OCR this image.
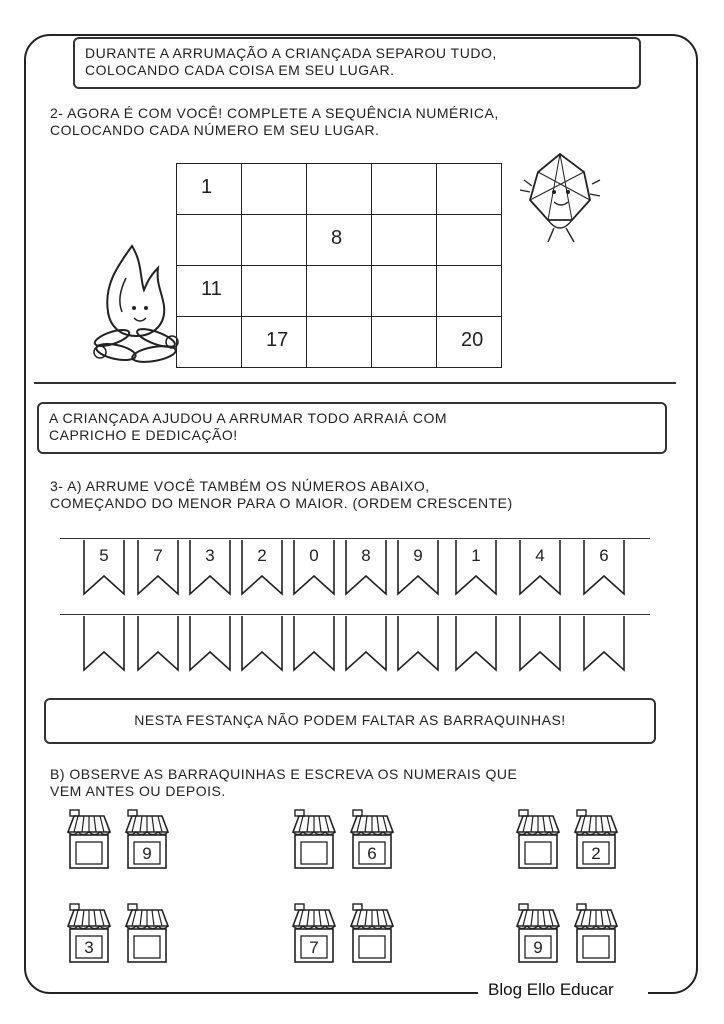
Blog Ello Educar
DURANTE A ARRUMAÇÃO A CRIANÇADA SEPAROU TUDO,
COLOCANDO CADA COISA EM SEU LUGAR.
2- AGORA É COM VOCÊ! COMPLETE A SEQUÊNCIA NUMÉRICA,
COLOCANDO CADA NÚMERO EM SEU LUGAR.
1				

		8		

11				

	17			20
A CRIANÇADA AJUDOU A ARRUMAR TODO ARRAIÁ COM
CAPRICHO E DEDICAÇÃO!
3- A) ARRUME VOCÊ TAMBÉM OS NÚMEROS ABAIXO,
COMEÇANDO DO MENOR PARA O MAIOR. (ORDEM CRESCENTE)
5	7	3	2	0	8	9	1	4	6
NESTA FESTANÇA NÃO PODEM FALTAR AS BARRAQUINHAS!
B) OBSERVE AS BARRAQUINHAS E ESCREVA OS NUMERAIS QUE
VEM ANTES OU DEPOIS.
9	6	2
3	7	9
